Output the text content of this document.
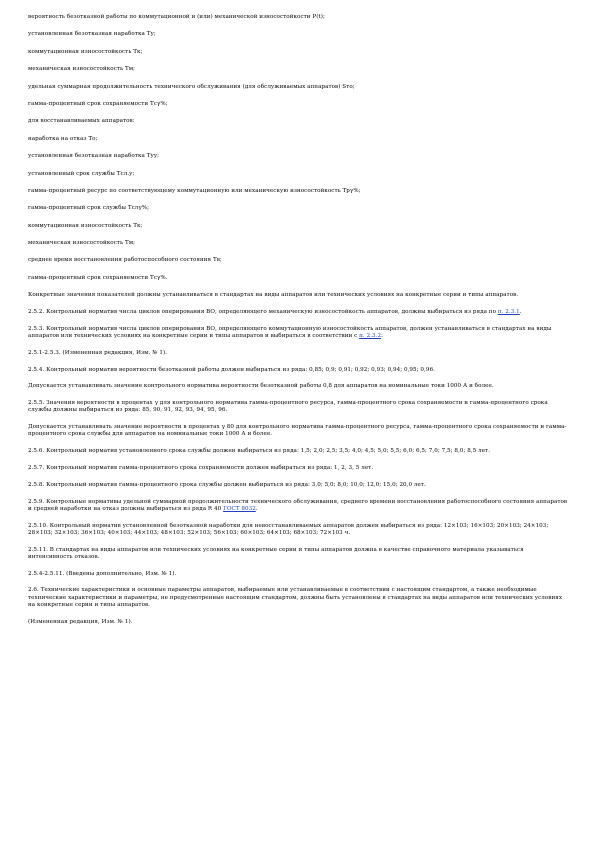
вероятность безотказной работы по коммутационной и (или) механической износостойкости P(t);

установленная безотказная наработка Ту;

коммутационная износостойкость Тк;

механическая износостойкость Тм;

удельная суммарная продолжительность технического обслуживания (для обслуживаемых аппаратов) Sто;

гамма-процентный срок сохраняемости Тсγ%;

для восстанавливаемых аппаратов:

наработка на отказ То;

установленная безотказная наработка Туу;

установленный срок службы Тсл.у;

гамма-процентный ресурс по соответствующему коммутационную или механическую износостойкость Трγ%;

гамма-процентный срок службы Тслγ%;

коммутационная износостойкость Тк;

механическая износостойкость Тм;

среднее время восстановления работоспособного состояния Тв;

гамма-процентный срок сохраняемости Тсγ%.

Конкретные значения показателей должны устанавливаться в стандартах на виды аппаратов или технических условиях на конкретные серии и типы аппаратов.

2.5.2. Контрольный норматив числа циклов оперирования ВО, определяющего механическую износостойкость аппаратов, должны выбираться из ряда по п. 2.3.1.

2.5.3. Контрольный норматив числа циклов оперирования ВО, определяющего коммутационную износостойкость аппаратов, должен устанавливаться в стандартах на виды аппаратов или технических условиях на конкретные серии и типы аппаратов и выбираться в соответствии с п. 2.3.2.

2.5.1-2.5.3. (Измененная редакция, Изм. № 1).

2.5.4. Контрольный норматив вероятности безотказной работы должен выбираться из ряда: 0,85; 0,9; 0,91; 0,92; 0,93; 0,94; 0,95; 0,96.

Допускается устанавливать значение контрольного норматива вероятности безотказной работы 0,8 для аппаратов на номинальные токи 1000 А и более.

2.5.5. Значения вероятности в процентах γ для контрольного норматива гамма-процентного ресурса, гамма-процентного срока сохраняемости и гамма-процентного срока службы должны выбираться из ряда: 85, 90, 91, 92, 93, 94, 95, 96.

Допускается устанавливать значение вероятности в процентах γ 80 для контрольного норматива гамма-процентного ресурса, гамма-процентного срока сохраняемости и гамма-процентного срока службы для аппаратов на номинальные токи 1000 А и более.

2.5.6. Контрольный норматив установленного срока службы должен выбираться из ряда: 1,5; 2,0; 2,5; 3,5; 4,0; 4,5; 5,0; 5,5; 6,0; 6,5; 7,0; 7,5; 8,0; 8,5 лет.

2.5.7. Контрольный норматив гамма-процентного срока сохраняемости должен выбираться из ряда: 1, 2, 3, 5 лет.

2.5.8. Контрольный норматив гамма-процентного срока службы должен выбираться из ряда: 3,0; 5,0; 8,0; 10,0; 12,0; 15,0; 20,0 лет.

2.5.9. Контрольные нормативы удельной суммарной продолжительности технического обслуживания, среднего времени восстановления работоспособного состояния аппаратов и средней наработки на отказ должны выбираться из ряда R 40 ГОСТ 8032.

2.5.10. Контрольный норматив установленной безотказной наработки для невосстанавливаемых аппаратов должен выбираться из ряда: 12×103; 16×103; 20×103; 24×103; 28×103; 32×103; 36×103; 40×103; 44×103; 48×103; 52×103; 56×103; 60×103; 64×103; 68×103; 72×103 ч.

2.5.11. В стандартах на виды аппаратов или технических условиях на конкретные серии и типы аппаратов должна в качестве справочного материала указываться интенсивность отказов.

2.5.4-2.5.11. (Введены дополнительно, Изм. № 1).

2.6. Технические характеристики и основные параметры аппаратов, выбираемые или устанавливаемые в соответствии с настоящим стандартом, а также необходимые технические характеристики и параметры, не предусмотренные настоящим стандартом, должны быть установлены в стандартах на виды аппаратов или технических условиях на конкретные серии и типы аппаратов.

(Измененная редакция, Изм. № 1).
